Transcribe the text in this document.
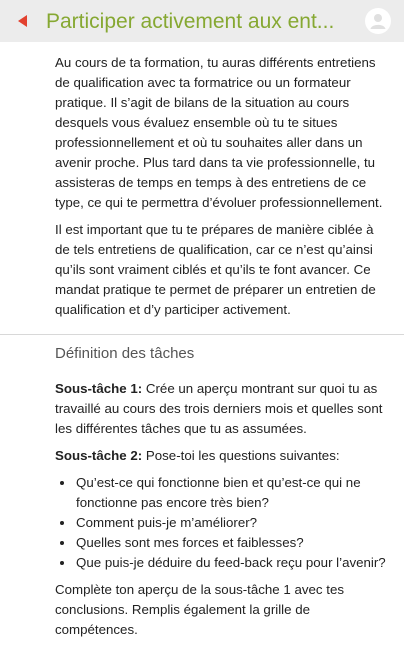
Participer activement aux ent...

Au cours de ta formation, tu auras différents entretiens de qualification avec ta formatrice ou un formateur pratique. Il s’agit de bilans de la situation au cours desquels vous évaluez ensemble où tu te situes professionnellement et où tu souhaites aller dans un avenir proche. Plus tard dans ta vie professionnelle, tu assisteras de temps en temps à des entretiens de ce type, ce qui te permettra d’évoluer professionnellement.

Il est important que tu te prépares de manière ciblée à de tels entretiens de qualification, car ce n’est qu’ainsi qu’ils sont vraiment ciblés et qu’ils te font avancer. Ce mandat pratique te permet de préparer un entretien de qualification et d’y participer activement.

Définition des tâches

Sous-tâche 1: Crée un aperçu montrant sur quoi tu as travaillé au cours des trois derniers mois et quelles sont les différentes tâches que tu as assumées.

Sous-tâche 2: Pose-toi les questions suivantes:

• Qu’est-ce qui fonctionne bien et qu’est-ce qui ne fonctionne pas encore très bien?
• Comment puis-je m’améliorer?
• Quelles sont mes forces et faiblesses?
• Que puis-je déduire du feed-back reçu pour l’avenir?

Complète ton aperçu de la sous-tâche 1 avec tes conclusions. Remplis également la grille de compétences.
